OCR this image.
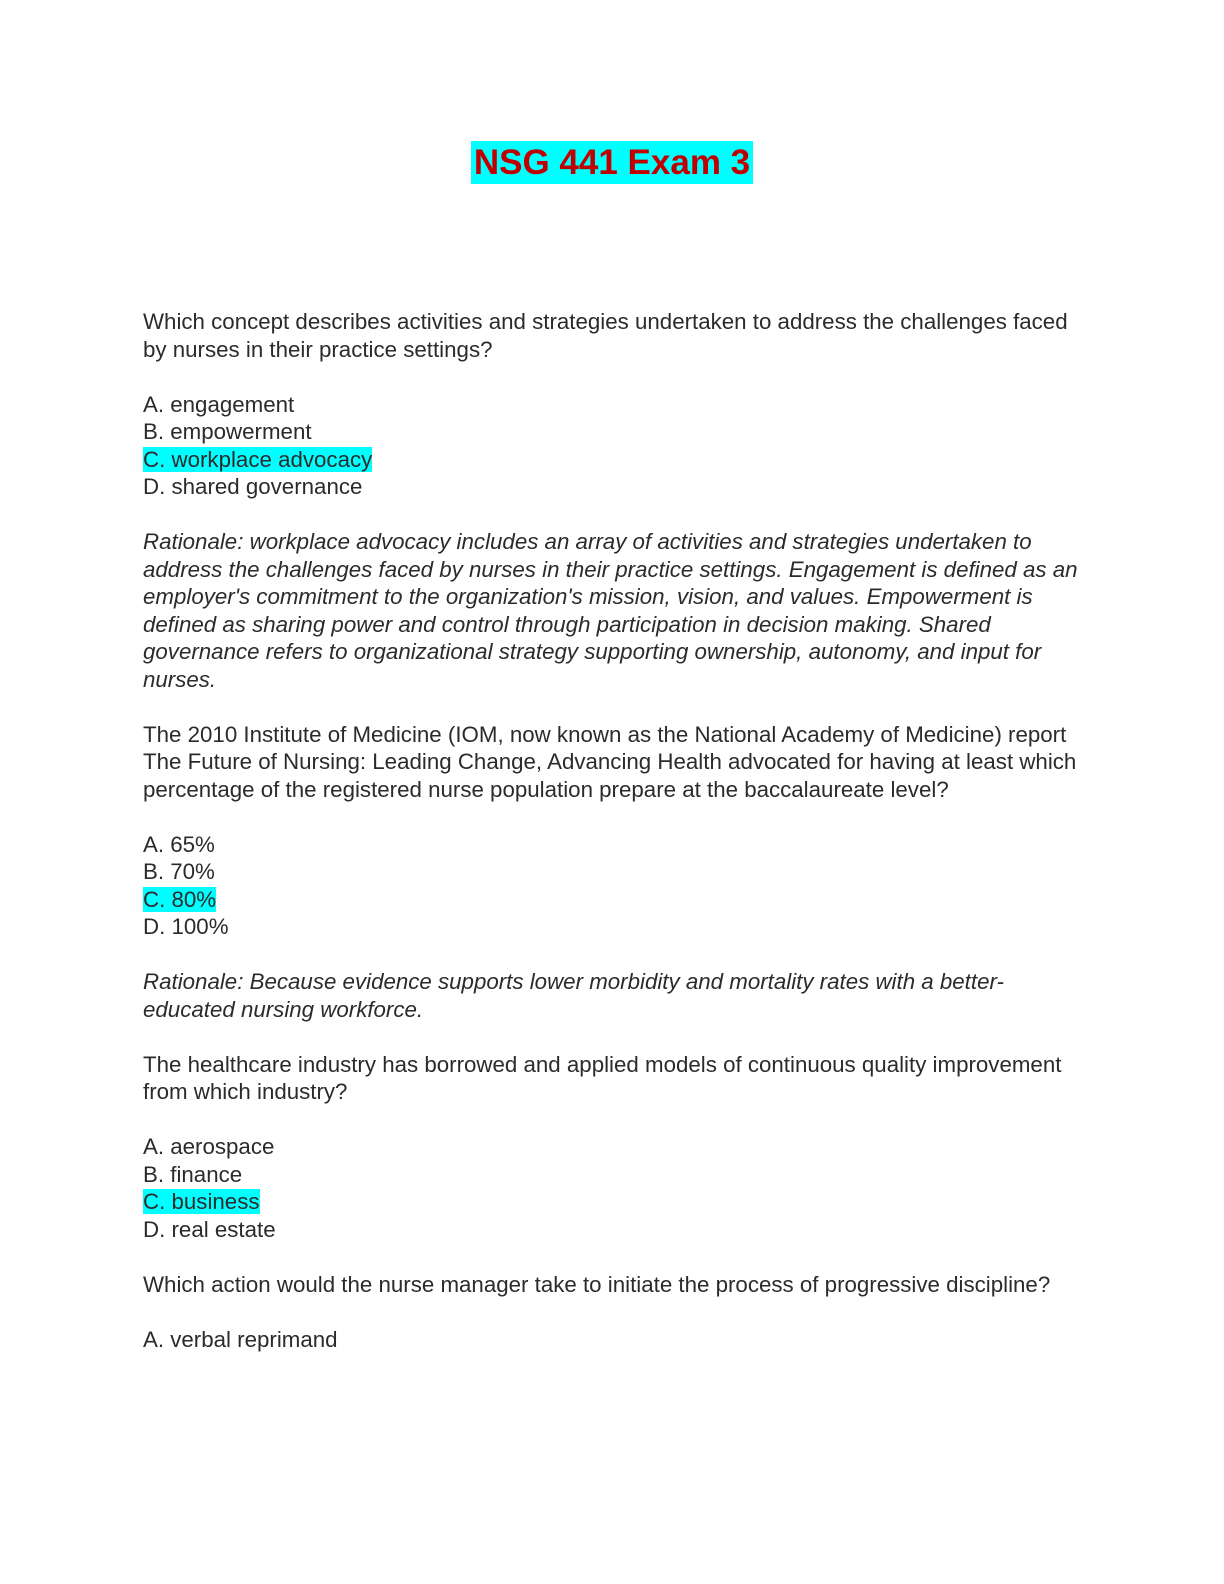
NSG 441 Exam 3

Which concept describes activities and strategies undertaken to address the challenges faced by nurses in their practice settings?

A. engagement
B. empowerment
C. workplace advocacy
D. shared governance

Rationale: workplace advocacy includes an array of activities and strategies undertaken to address the challenges faced by nurses in their practice settings. Engagement is defined as an employer's commitment to the organization's mission, vision, and values. Empowerment is defined as sharing power and control through participation in decision making. Shared governance refers to organizational strategy supporting ownership, autonomy, and input for nurses.

The 2010 Institute of Medicine (IOM, now known as the National Academy of Medicine) report The Future of Nursing: Leading Change, Advancing Health advocated for having at least which percentage of the registered nurse population prepare at the baccalaureate level?

A. 65%
B. 70%
C. 80%
D. 100%

Rationale: Because evidence supports lower morbidity and mortality rates with a better-educated nursing workforce.

The healthcare industry has borrowed and applied models of continuous quality improvement from which industry?

A. aerospace
B. finance
C. business
D. real estate

Which action would the nurse manager take to initiate the process of progressive discipline?

A. verbal reprimand
